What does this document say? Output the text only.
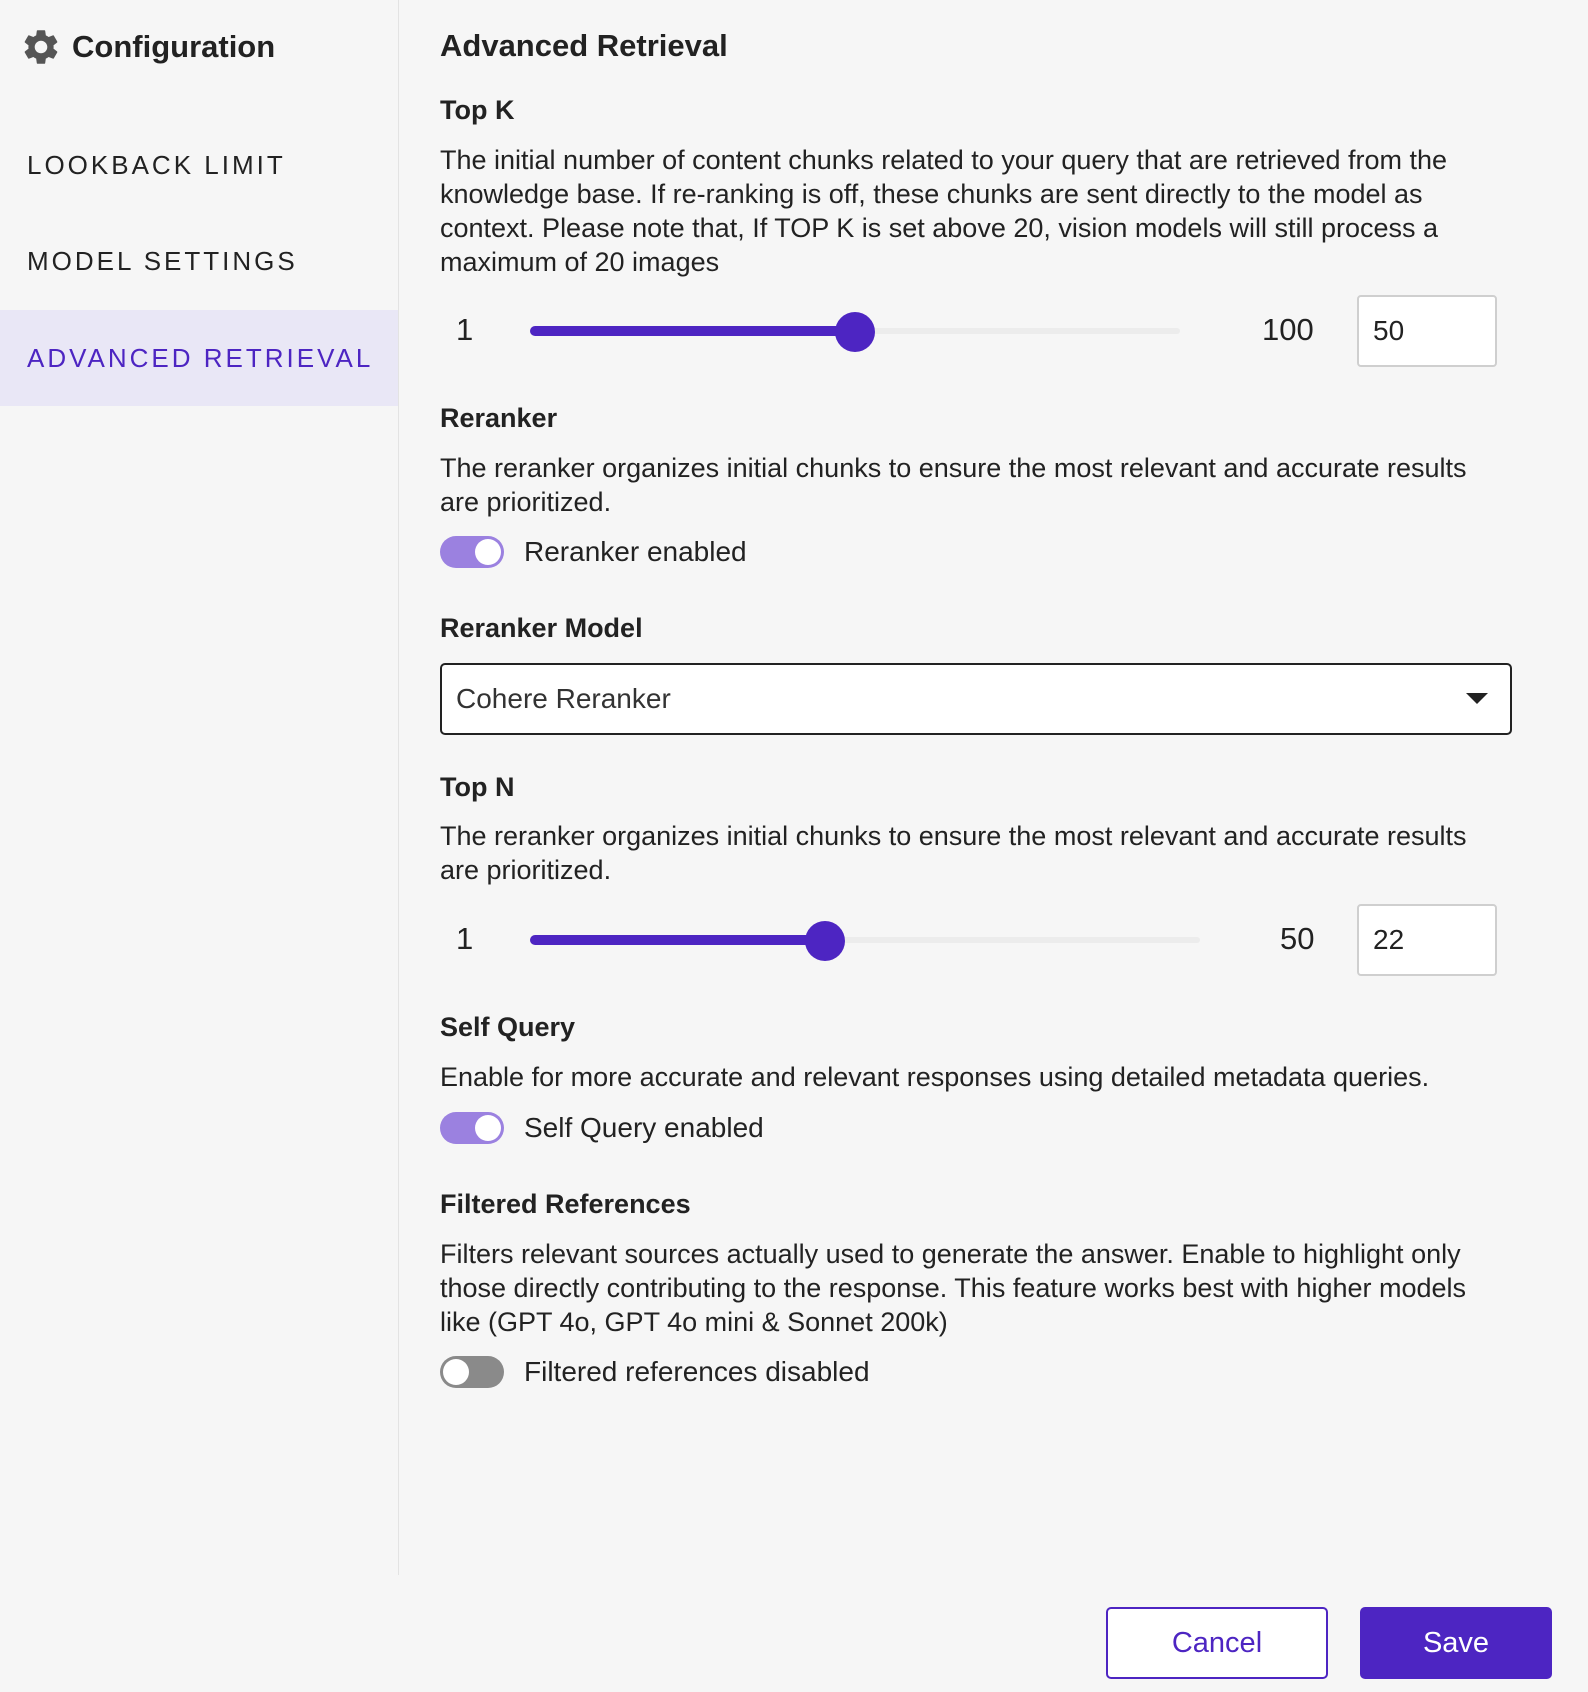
Configuration
LOOKBACK LIMIT
MODEL SETTINGS
ADVANCED RETRIEVAL
Advanced Retrieval
Top K
The initial number of content chunks related to your query that are retrieved from the knowledge base. If re-ranking is off, these chunks are sent directly to the model as context. Please note that, If TOP K is set above 20, vision models will still process a maximum of 20 images
1	100
50
Reranker
The reranker organizes initial chunks to ensure the most relevant and accurate results are prioritized.
Reranker enabled
Reranker Model
Cohere Reranker
Top N
The reranker organizes initial chunks to ensure the most relevant and accurate results are prioritized.
1	50
22
Self Query
Enable for more accurate and relevant responses using detailed metadata queries.
Self Query enabled
Filtered References
Filters relevant sources actually used to generate the answer. Enable to highlight only those directly contributing to the response. This feature works best with higher models like (GPT 4o, GPT 4o mini & Sonnet 200k)
Filtered references disabled
Cancel	Save
